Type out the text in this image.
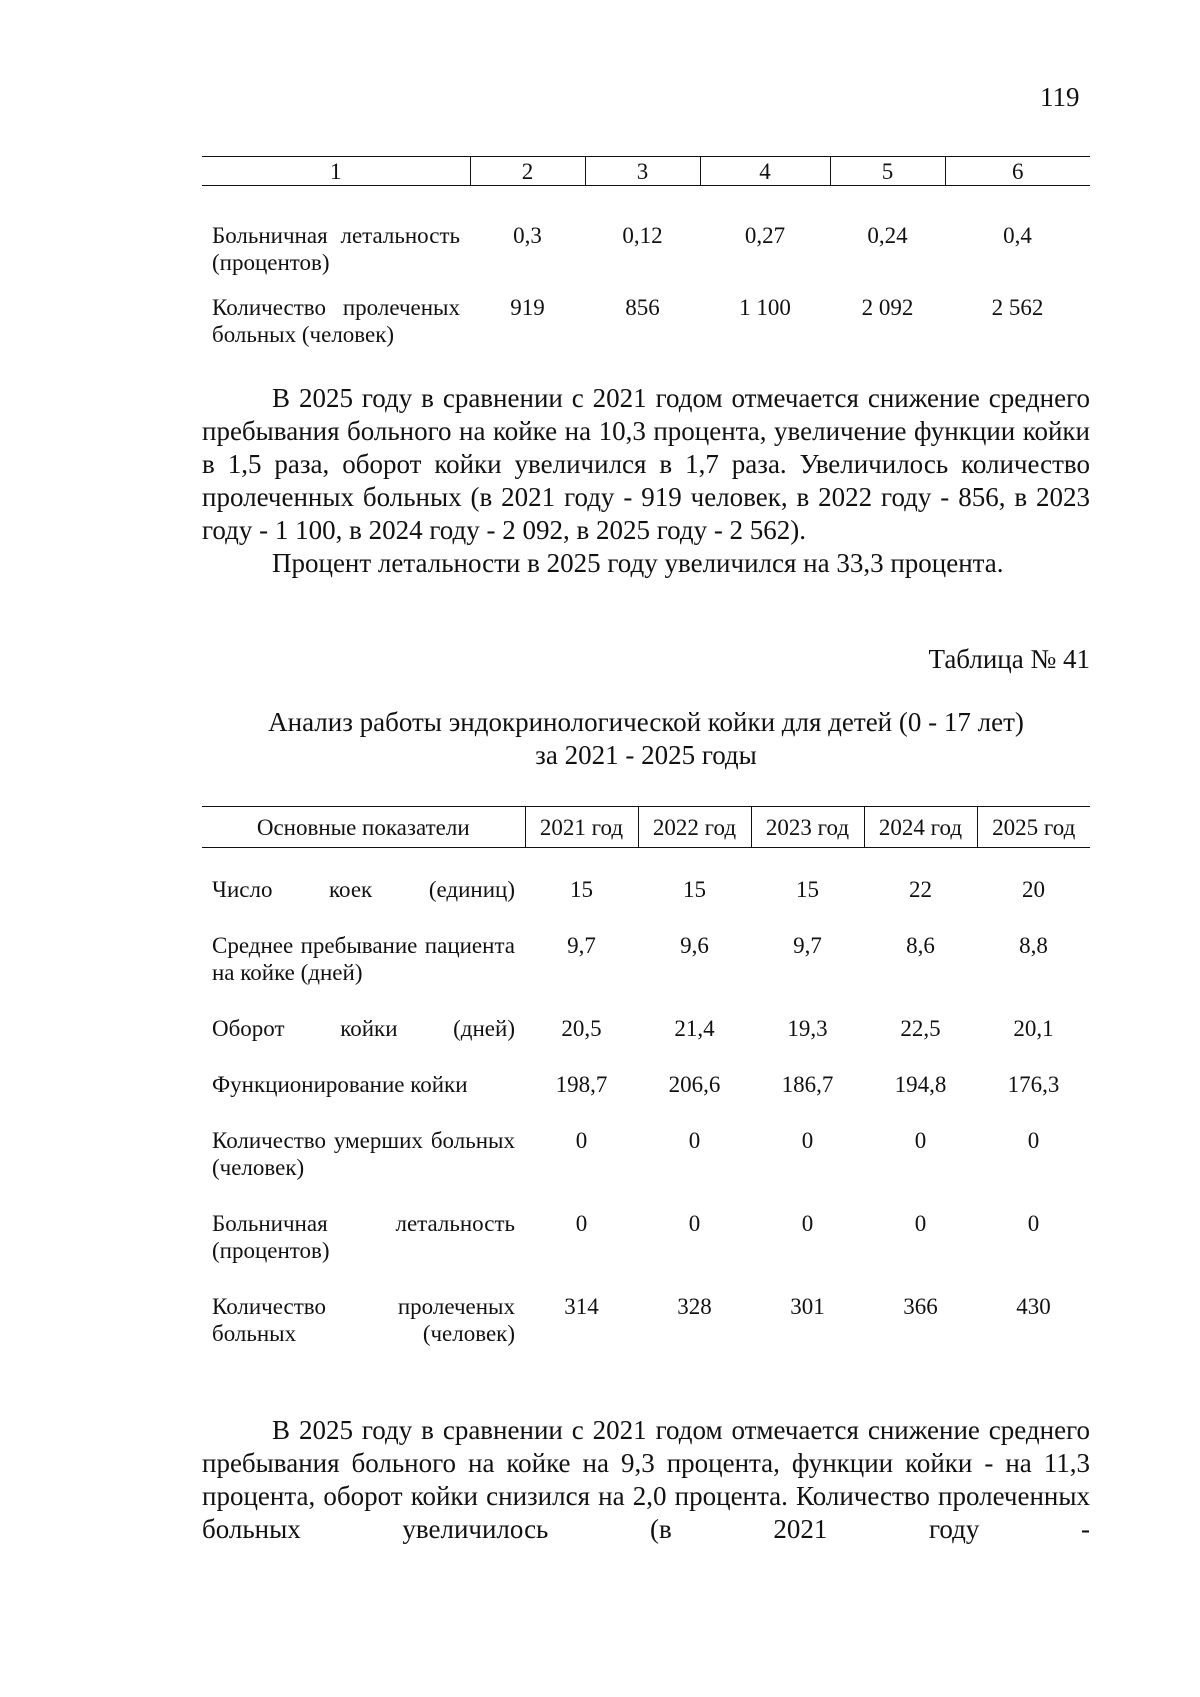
119
1	2	3	4	5	6

Больничная летальность (процентов)	0,3	0,12	0,27	0,24	0,4
Количество пролеченых больных (человек)	919	856	1 100	2 092	2 562

В 2025 году в сравнении с 2021 годом отмечается снижение среднего пребывания больного на койке на 10,3 процента, увеличение функции койки в 1,5 раза, оборот койки увеличился в 1,7 раза. Увеличилось количество пролеченных больных (в 2021 году - 919 человек, в 2022 году - 856, в 2023 году - 1 100, в 2024 году - 2 092, в 2025 году - 2 562).

Процент летальности в 2025 году увеличился на 33,3 процента.

Таблица № 41
Анализ работы эндокринологической койки для детей (0 - 17 лет)
за 2021 - 2025 годы
Основные показатели	2021 год	2022 год	2023 год	2024 год	2025 год

Число коек (единиц)	15	15	15	22	20
Среднее пребывание пациента на койке (дней)	9,7	9,6	9,7	8,6	8,8
Оборот койки (дней)	20,5	21,4	19,3	22,5	20,1
Функционирование койки	198,7	206,6	186,7	194,8	176,3
Количество умерших больных (человек)	0	0	0	0	0
Больничная летальность (процентов)	0	0	0	0	0
Количество пролеченых больных (человек)	314	328	301	366	430

В 2025 году в сравнении с 2021 годом отмечается снижение среднего пребывания больного на койке на 9,3 процента, функции койки - на 11,3 процента, оборот койки снизился на 2,0 процента. Количество пролеченных больных увеличилось (в 2021 году -
